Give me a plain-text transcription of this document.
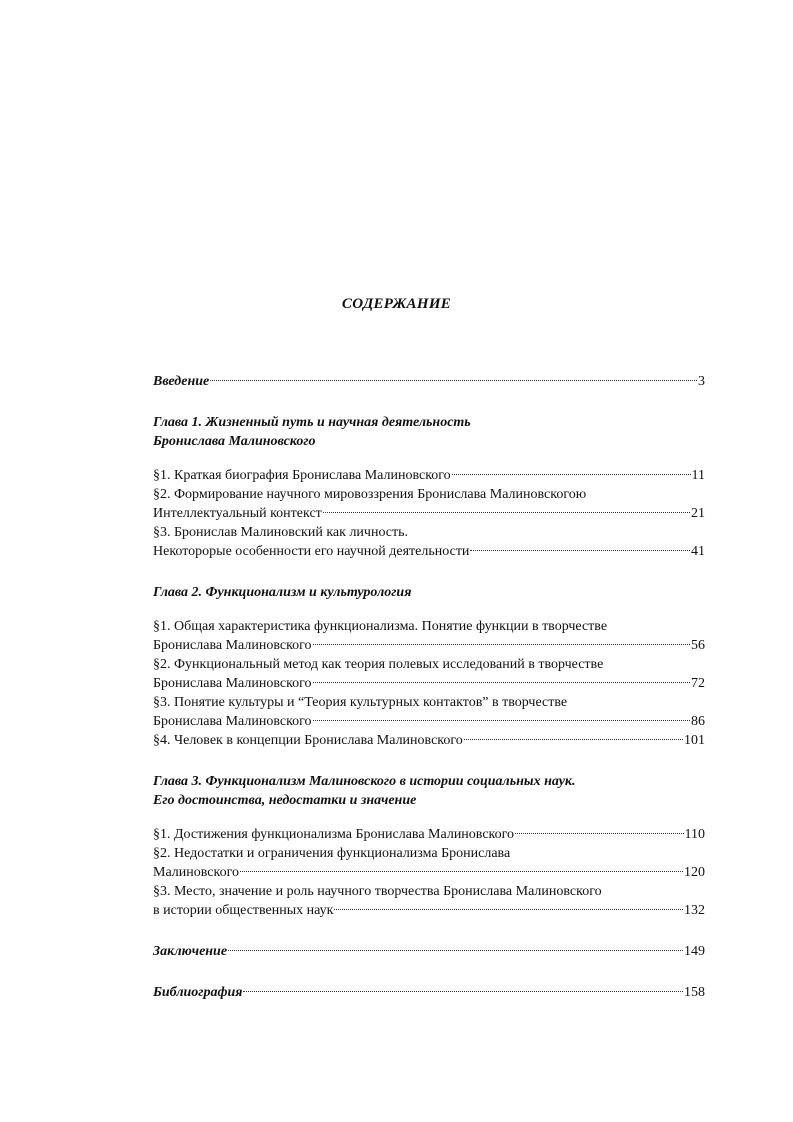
СОДЕРЖАНИЕ
Введение	3
Глава 1. Жизненный путь и научная деятельность
Бронислава Малиновского
§1. Краткая биография Бронислава Малиновского	11
§2. Формирование научного мировоззрения Бронислава Малиновскогою
Интеллектуальный контекст	21
§3. Бронислав Малиновский как личность.
Некоторорые особенности его научной деятельности	41
Глава 2. Функционализм и культурология
§1. Общая характеристика функционализма. Понятие функции в творчестве
Бронислава Малиновского	56
§2. Функциональный метод как теория полевых исследований в творчестве
Бронислава Малиновского	72
§3. Понятие культуры и “Теория культурных контактов” в творчестве
Бронислава Малиновского	86
§4. Человек в концепции Бронислава Малиновского	101
Глава 3. Функционализм Малиновского в истории социальных наук.
Его достоинства, недостатки и значение
§1. Достижения функционализма Бронислава Малиновского	110
§2. Недостатки и ограничения функционализма Бронислава
Малиновского	120
§3. Место, значение и роль научного творчества Бронислава Малиновского
в истории общественных наук	132
Заключение	149
Библиография	158
